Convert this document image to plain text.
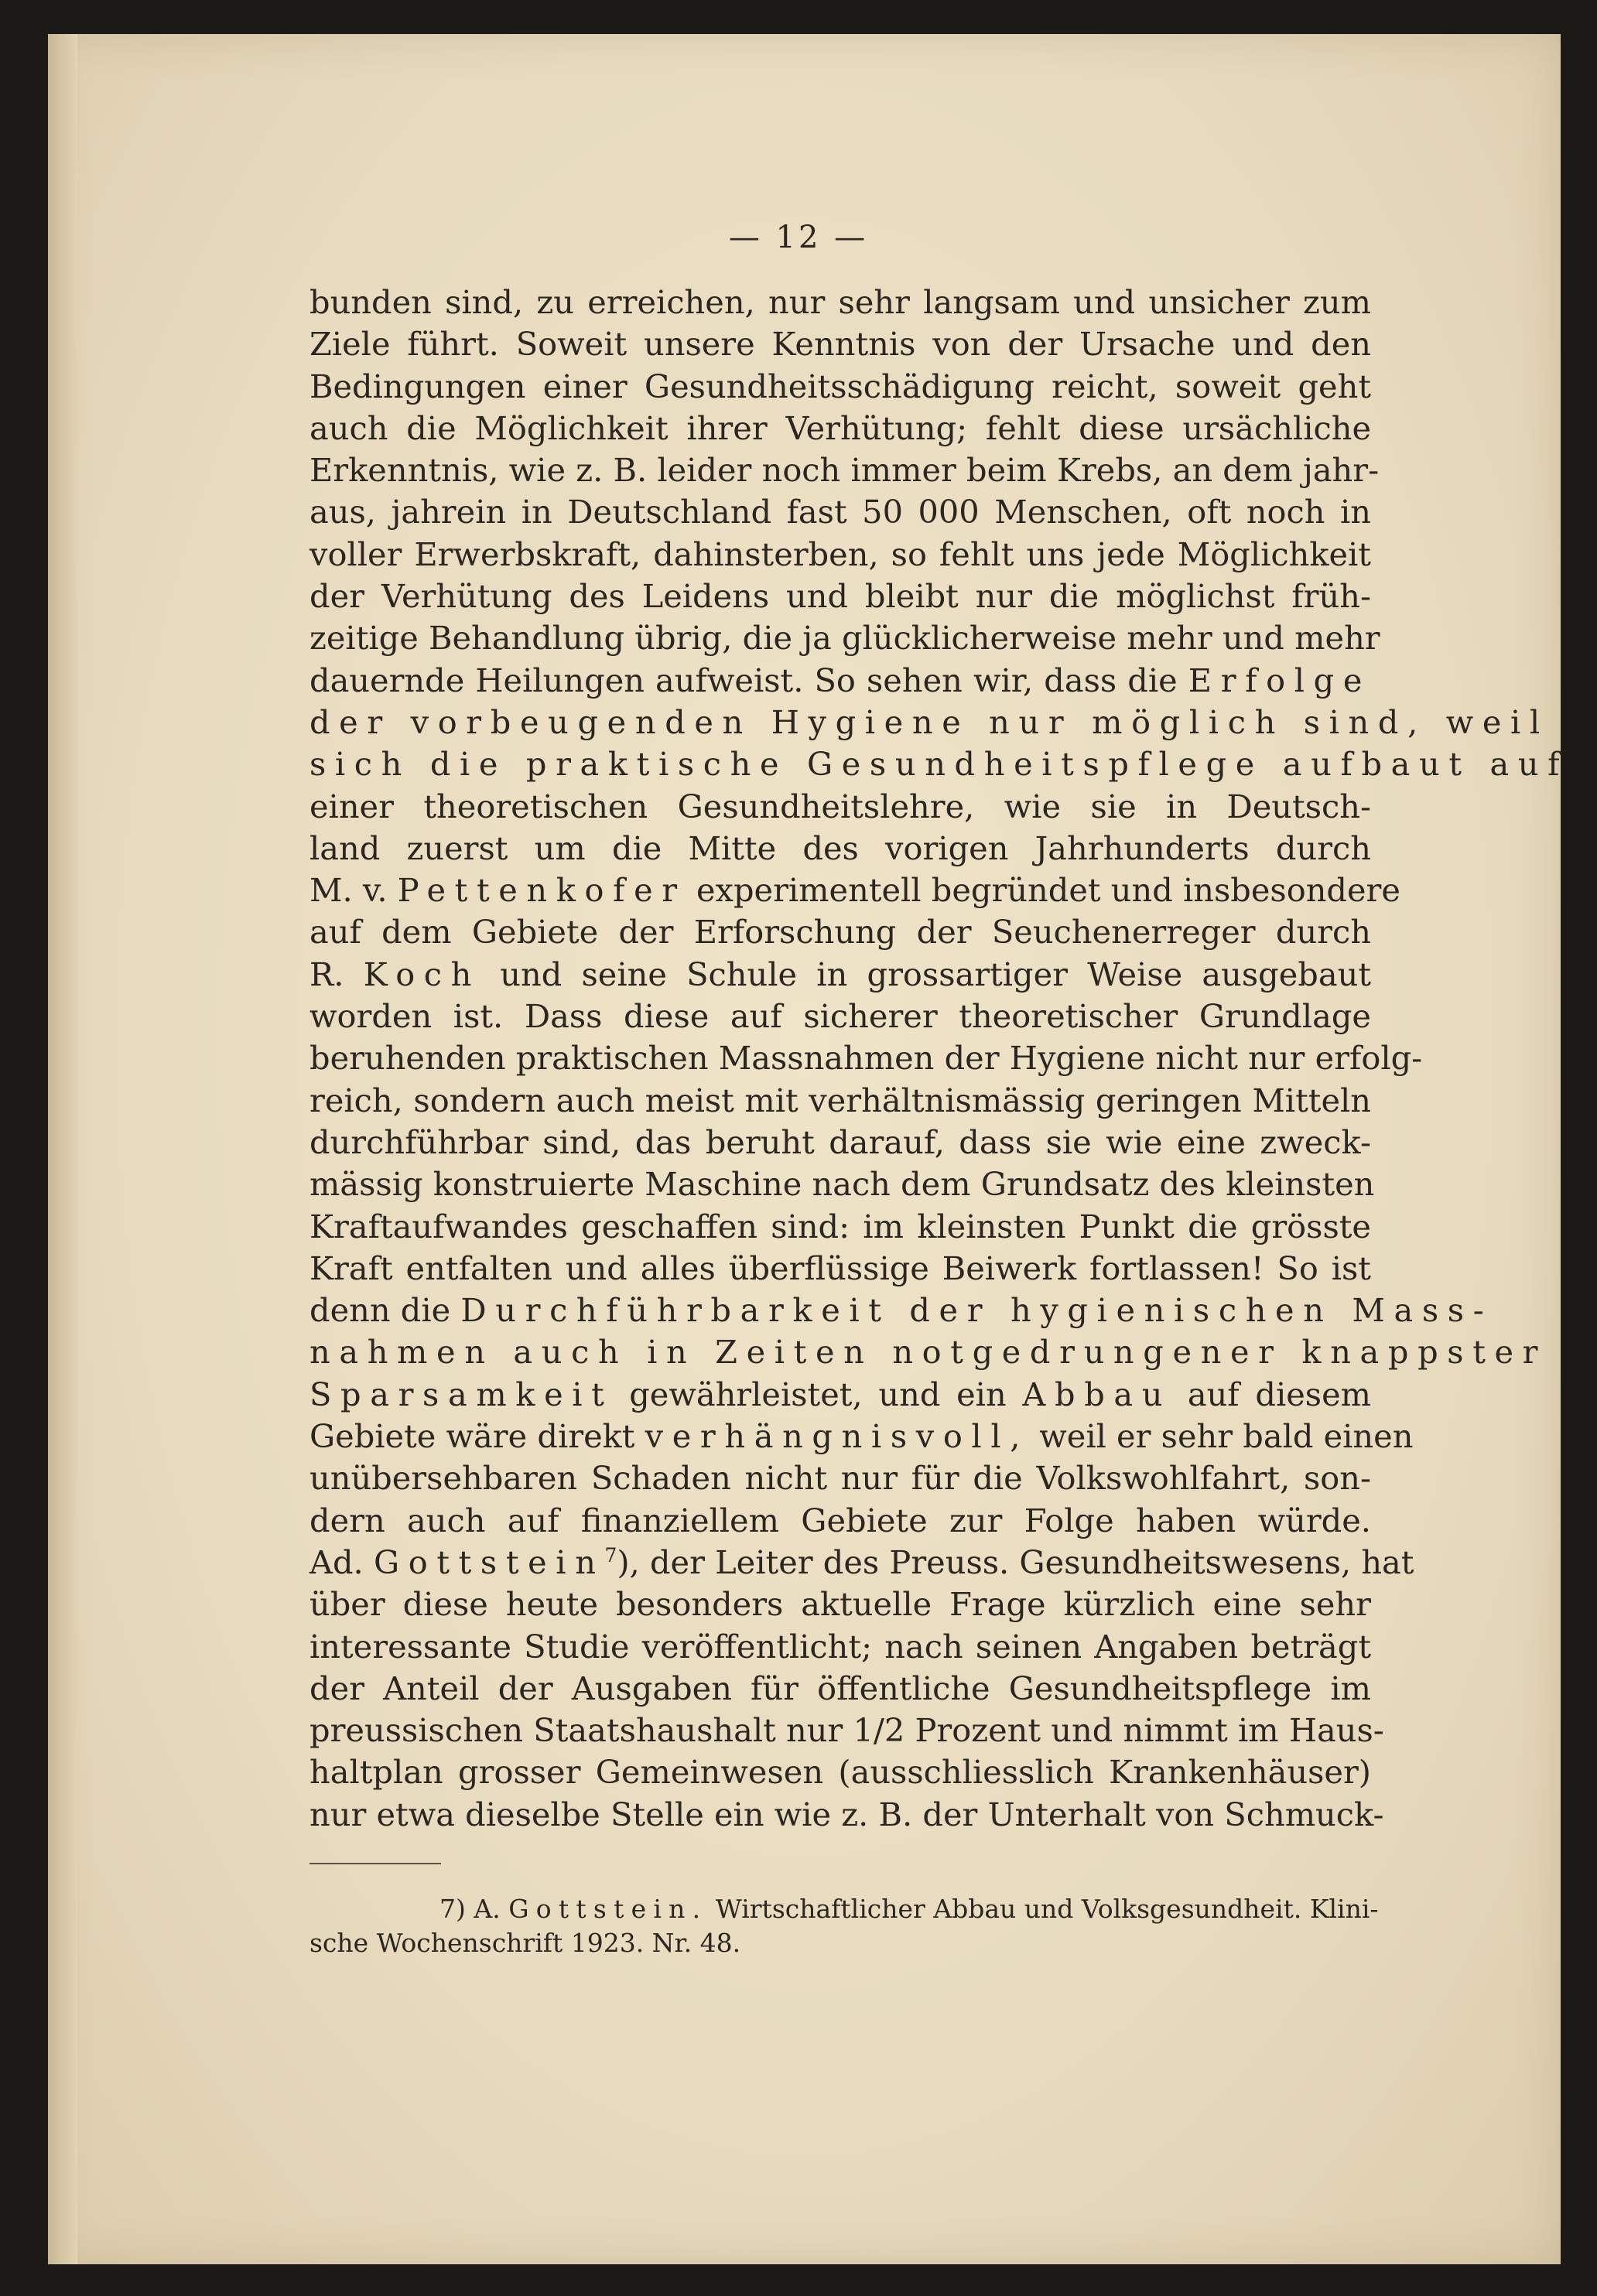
— 12 —
bunden sind, zu erreichen, nur sehr langsam und unsicher zum
Ziele führt. Soweit unsere Kenntnis von der Ursache und den
Bedingungen einer Gesundheitsschädigung reicht, soweit geht
auch die Möglichkeit ihrer Verhütung; fehlt diese ursächliche
Erkenntnis, wie z. B. leider noch immer beim Krebs, an dem jahr-
aus, jahrein in Deutschland fast 50 000 Menschen, oft noch in
voller Erwerbskraft, dahinsterben, so fehlt uns jede Möglichkeit
der Verhütung des Leidens und bleibt nur die möglichst früh-
zeitige Behandlung übrig, die ja glücklicherweise mehr und mehr
dauernde Heilungen aufweist. So sehen wir, dass die Erfolge
der vorbeugenden Hygiene nur möglich sind, weil
sich die praktische Gesundheitspflege aufbaut auf
einer theoretischen Gesundheitslehre, wie sie in Deutsch-
land zuerst um die Mitte des vorigen Jahrhunderts durch
M. v. Pettenkofer experimentell begründet und insbesondere
auf dem Gebiete der Erforschung der Seuchenerreger durch
R. Koch und seine Schule in grossartiger Weise ausgebaut
worden ist. Dass diese auf sicherer theoretischer Grundlage
beruhenden praktischen Massnahmen der Hygiene nicht nur erfolg-
reich, sondern auch meist mit verhältnismässig geringen Mitteln
durchführbar sind, das beruht darauf, dass sie wie eine zweck-
mässig konstruierte Maschine nach dem Grundsatz des kleinsten
Kraftaufwandes geschaffen sind: im kleinsten Punkt die grösste
Kraft entfalten und alles überflüssige Beiwerk fortlassen! So ist
denn die Durchführbarkeit der hygienischen Mass-
nahmen auch in Zeiten notgedrungener knappster
Sparsamkeit gewährleistet, und ein Abbau auf diesem
Gebiete wäre direkt verhängnisvoll, weil er sehr bald einen
unübersehbaren Schaden nicht nur für die Volkswohlfahrt, son-
dern auch auf finanziellem Gebiete zur Folge haben würde.
Ad. Gottstein$^7$), der Leiter des Preuss. Gesundheitswesens, hat
über diese heute besonders aktuelle Frage kürzlich eine sehr
interessante Studie veröffentlicht; nach seinen Angaben beträgt
der Anteil der Ausgaben für öffentliche Gesundheitspflege im
preussischen Staatshaushalt nur 1/2 Prozent und nimmt im Haus-
haltplan grosser Gemeinwesen (ausschliesslich Krankenhäuser)
nur etwa dieselbe Stelle ein wie z. B. der Unterhalt von Schmuck-
7) A. Gottstein. Wirtschaftlicher Abbau und Volksgesundheit. Klini-
sche Wochenschrift 1923. Nr. 48.
